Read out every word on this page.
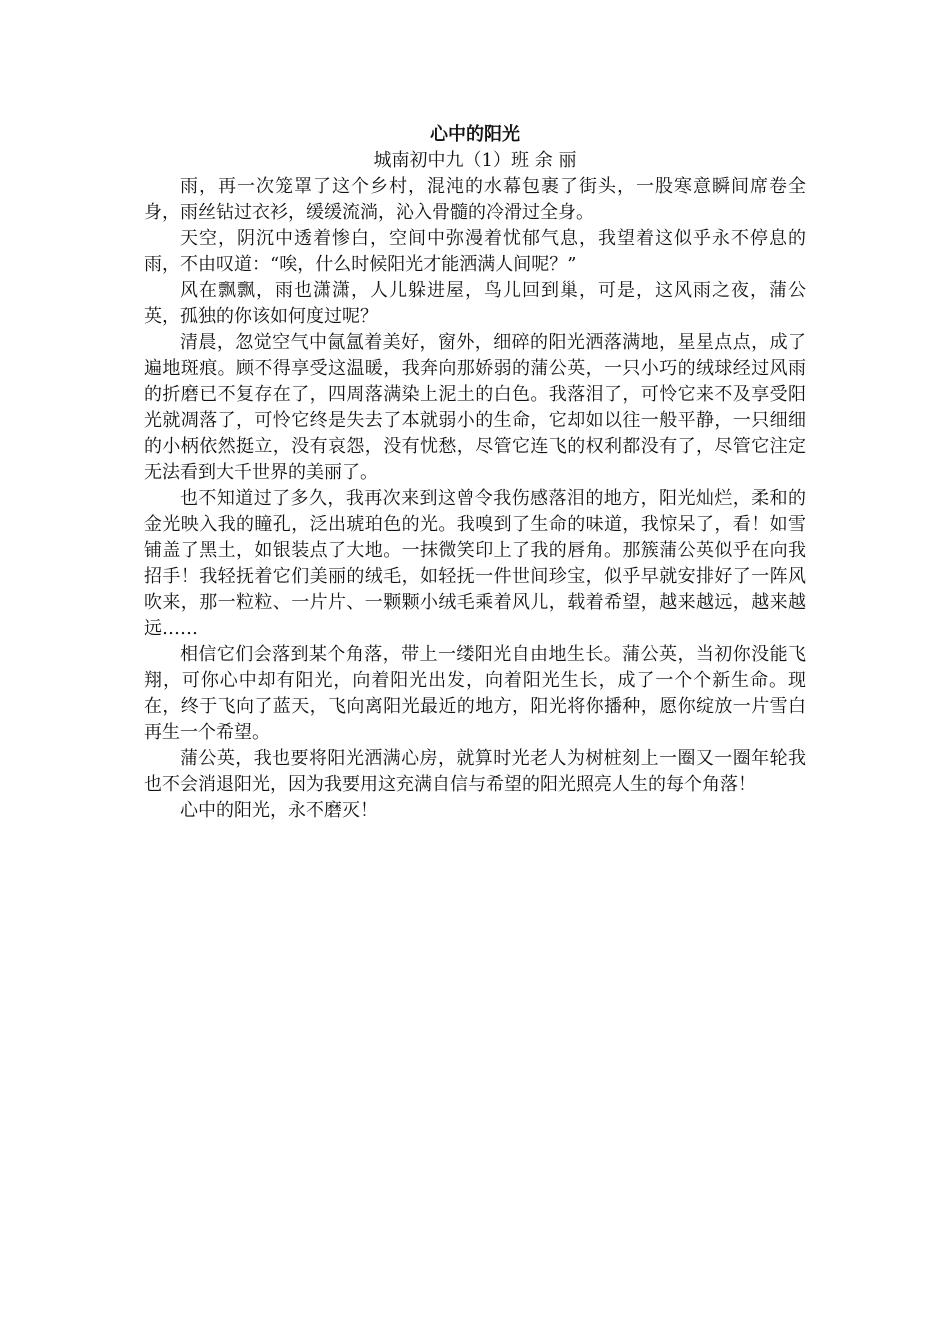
心中的阳光

城南初中九（1）班 余 丽

雨，再一次笼罩了这个乡村，混沌的水幕包裹了街头，一股寒意瞬间席卷全身，雨丝钻过衣衫，缓缓流淌，沁入骨髓的冷滑过全身。

天空，阴沉中透着惨白，空间中弥漫着忧郁气息，我望着这似乎永不停息的雨，不由叹道：“唉，什么时候阳光才能洒满人间呢？”

风在飘飘，雨也潇潇，人儿躲进屋，鸟儿回到巢，可是，这风雨之夜，蒲公英，孤独的你该如何度过呢？

清晨，忽觉空气中氤氲着美好，窗外，细碎的阳光洒落满地，星星点点，成了遍地斑痕。顾不得享受这温暖，我奔向那娇弱的蒲公英，一只小巧的绒球经过风雨的折磨已不复存在了，四周落满染上泥土的白色。我落泪了，可怜它来不及享受阳光就凋落了，可怜它终是失去了本就弱小的生命，它却如以往一般平静，一只细细的小柄依然挺立，没有哀怨，没有忧愁，尽管它连飞的权利都没有了，尽管它注定无法看到大千世界的美丽了。

也不知道过了多久，我再次来到这曾令我伤感落泪的地方，阳光灿烂，柔和的金光映入我的瞳孔，泛出琥珀色的光。我嗅到了生命的味道，我惊呆了，看！如雪铺盖了黑土，如银装点了大地。一抹微笑印上了我的唇角。那簇蒲公英似乎在向我招手！我轻抚着它们美丽的绒毛，如轻抚一件世间珍宝，似乎早就安排好了一阵风吹来，那一粒粒、一片片、一颗颗小绒毛乘着风儿，载着希望，越来越远，越来越远……

相信它们会落到某个角落，带上一缕阳光自由地生长。蒲公英，当初你没能飞翔，可你心中却有阳光，向着阳光出发，向着阳光生长，成了一个个新生命。现在，终于飞向了蓝天，飞向离阳光最近的地方，阳光将你播种，愿你绽放一片雪白再生一个希望。

蒲公英，我也要将阳光洒满心房，就算时光老人为树桩刻上一圈又一圈年轮我也不会消退阳光，因为我要用这充满自信与希望的阳光照亮人生的每个角落！

心中的阳光，永不磨灭！
